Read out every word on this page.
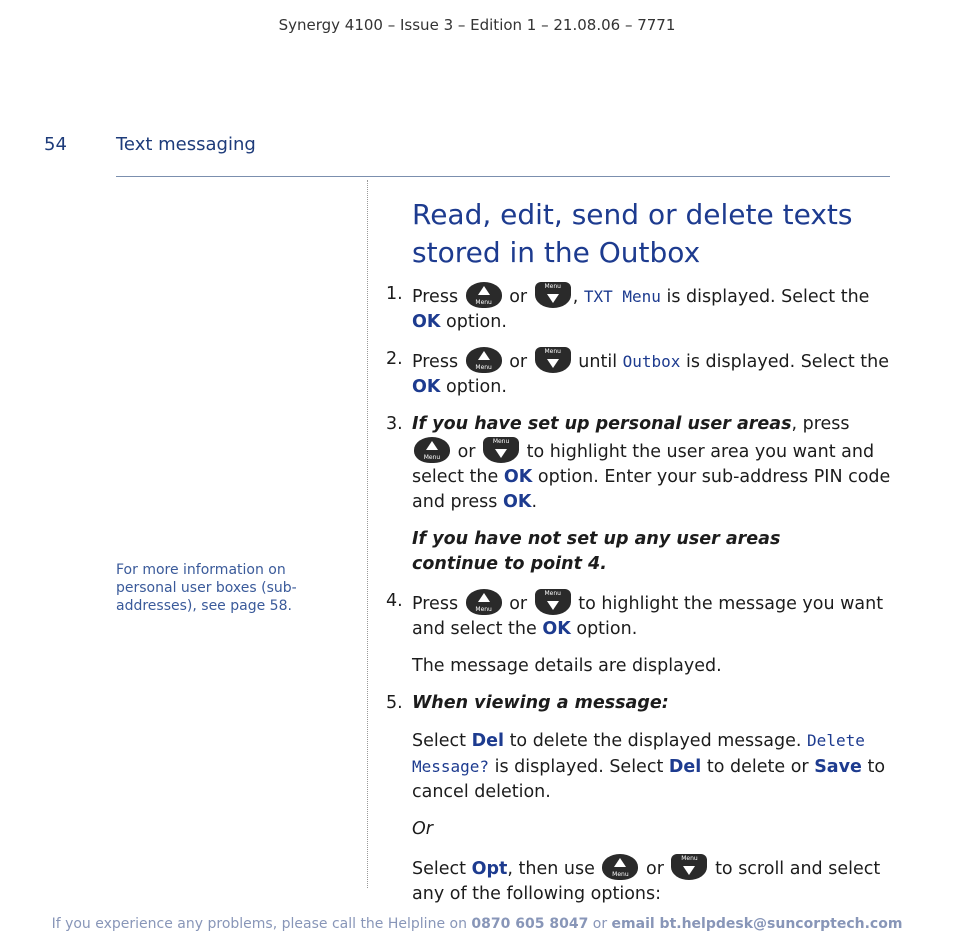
Synergy 4100 – Issue 3 – Edition 1 – 21.08.06 – 7771
54	Text messaging
For more information on personal user boxes (sub-addresses), see page 58.
Read, edit, send or delete texts stored in the Outbox
1. Press	Menu or
Menu
, TXT Menu is displayed. Select the OK option.
2. Press	Menu or
Menu
until Outbox is displayed. Select the OK option.
3. If you have set up personal user areas, press
Menu or
Menu
to highlight the user area you want and select the OK option. Enter your sub-address PIN code and press OK.
If you have not set up any user areas continue to point 4.
4. Press	Menu or
Menu
to highlight the message you want and select the OK option.
The message details are displayed.
5. When viewing a message:
Select Del to delete the displayed message. Delete Message? is displayed. Select Del to delete or Save to cancel deletion.
Or
Select Opt, then use	Menu or
Menu
to scroll and select any of the following options:
If you experience any problems, please call the Helpline on 0870 605 8047 or email bt.helpdesk@suncorptech.com
